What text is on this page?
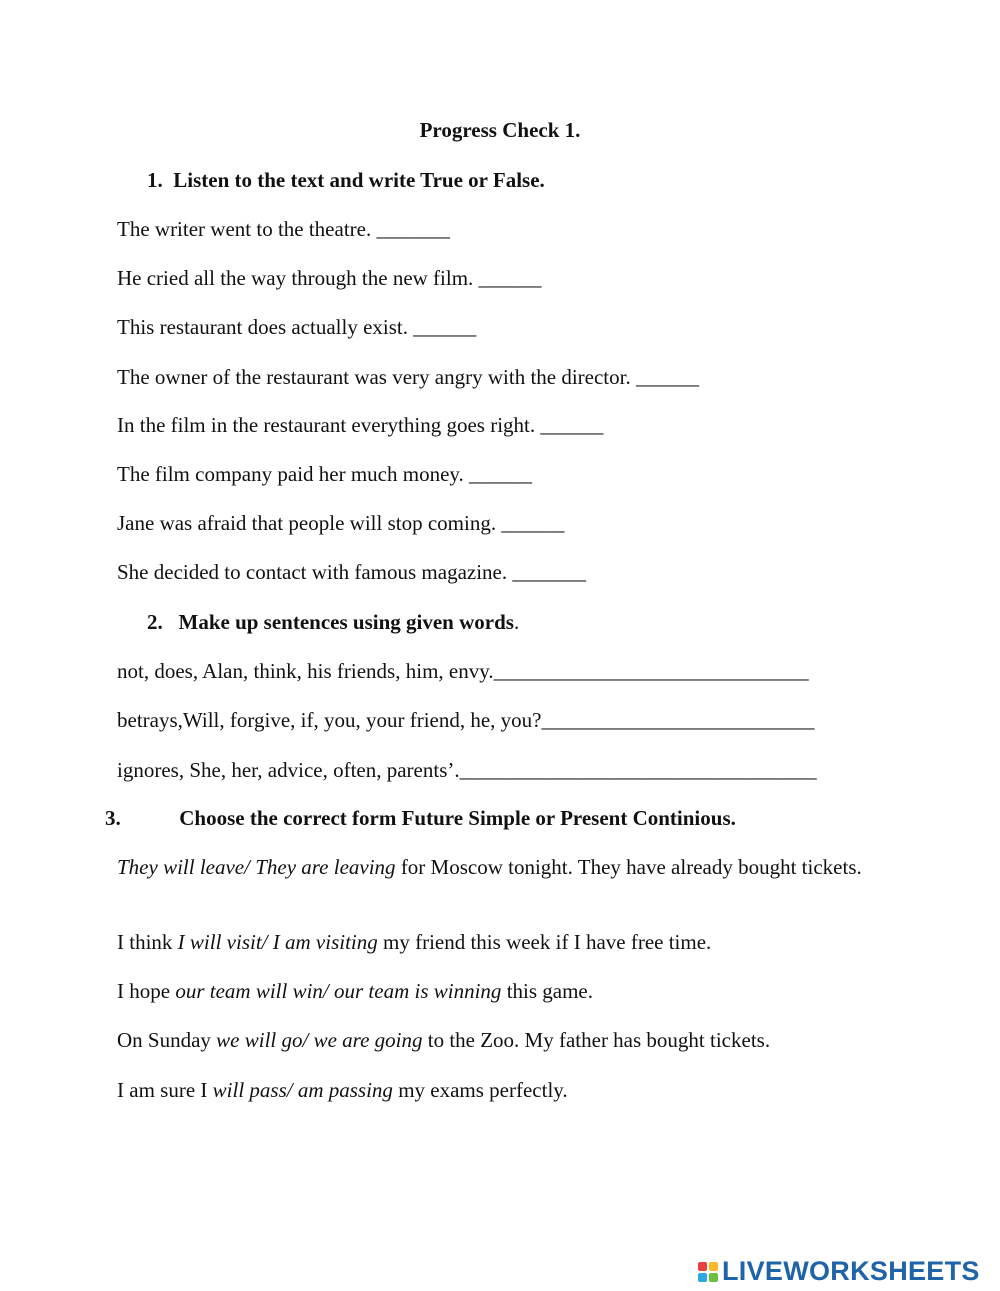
Progress Check 1.
1. Listen to the text and write True or False.
The writer went to the theatre. _______
He cried all the way through the new film. ______
This restaurant does actually exist. ______
The owner of the restaurant was very angry with the director. ______
In the film in the restaurant everything goes right. ______
The film company paid her much money. ______
Jane was afraid that people will stop coming. ______
She decided to contact with famous magazine. _______
2. Make up sentences using given words.
not, does, Alan, think, his friends, him, envy.______________________________
betrays,Will, forgive, if, you, your friend, he, you?__________________________
ignores, She, her, advice, often, parents’.__________________________________
3.	Choose the correct form Future Simple or Present Continious.
They will leave/ They are leaving for Moscow tonight. They have already bought tickets.
I think I will visit/ I am visiting my friend this week if I have free time.
I hope our team will win/ our team is winning this game.
On Sunday we will go/ we are going to the Zoo. My father has bought tickets.
I am sure I will pass/ am passing my exams perfectly.
LIVEWORKSHEETS
